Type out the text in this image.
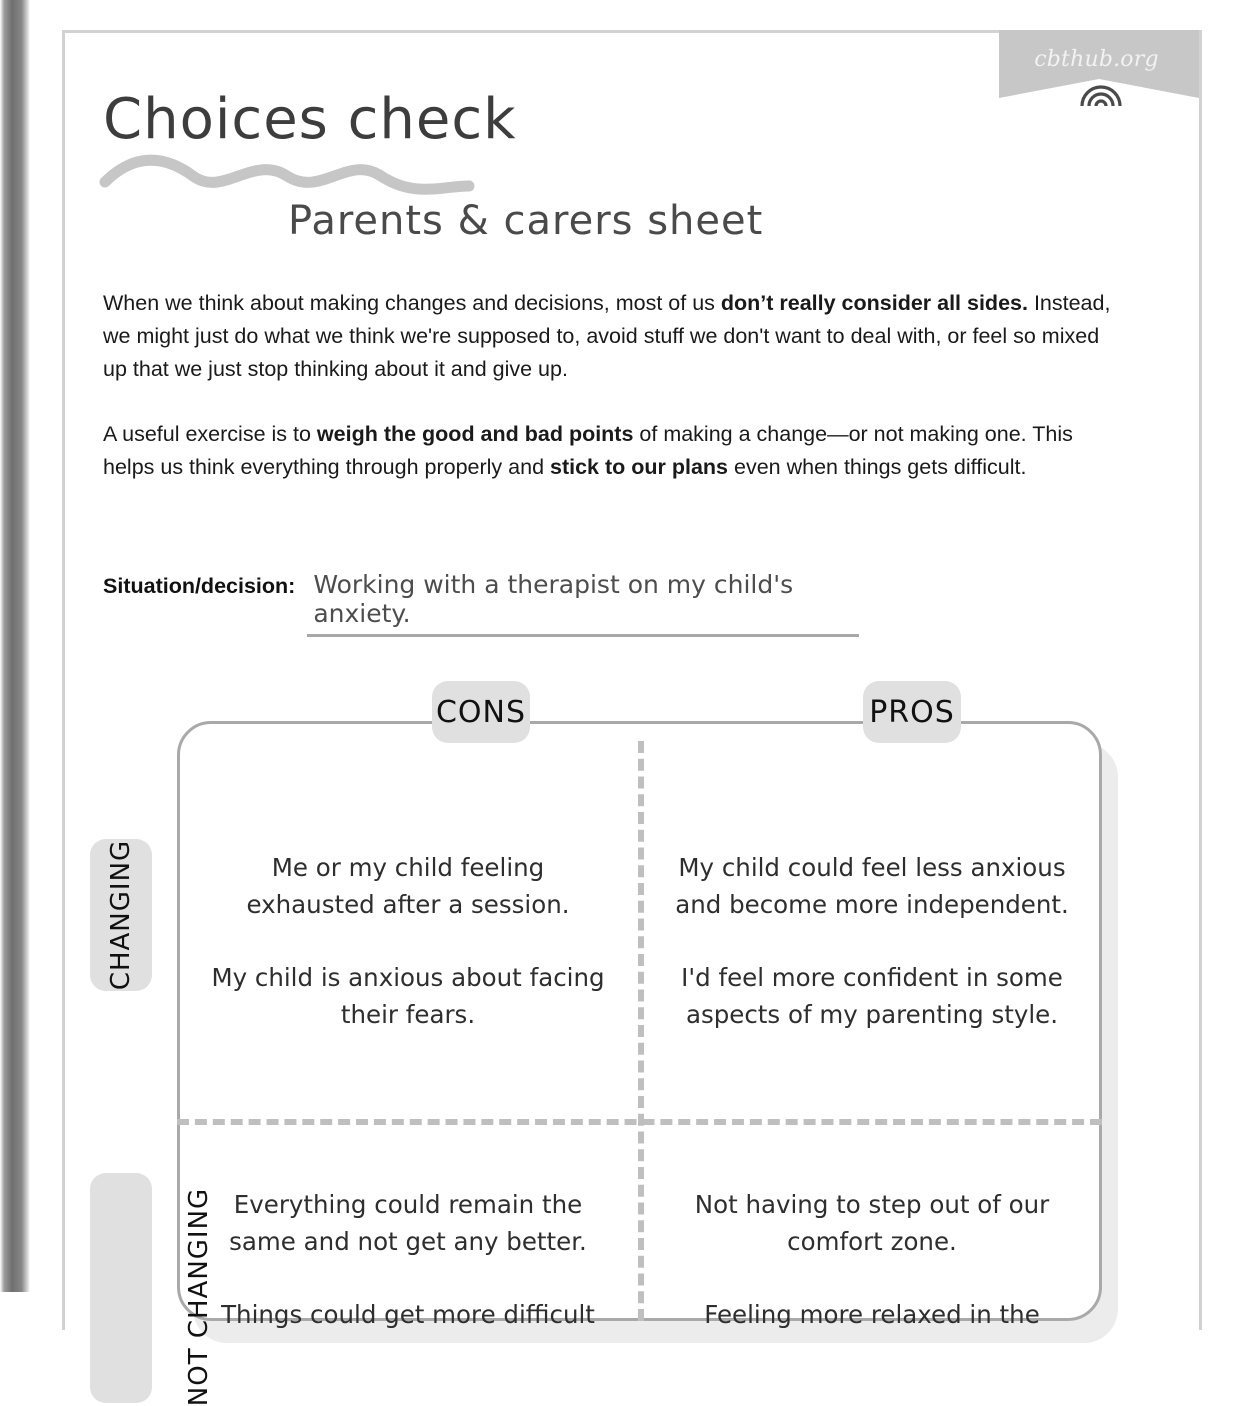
cbthub.org
Choices check
Parents & carers sheet

When we think about making changes and decisions, most of us don’t really consider all sides. Instead, we might just do what we think we're supposed to, avoid stuff we don't want to deal with, or feel so mixed up that we just stop thinking about it and give up.

A useful exercise is to weigh the good and bad points of making a change—or not making one. This helps us think everything through properly and stick to our plans even when things gets difficult.

Situation/decision: Working with a therapist on my child's anxiety.
CONS	PROS
CHANGING
NOT CHANGING

Me or my child feeling exhausted after a session.

My child is anxious about facing their fears.

My child could feel less anxious and become more independent.

I'd feel more confident in some aspects of my parenting style.

Everything could remain the same and not get any better.

Things could get more difficult

Not having to step out of our comfort zone.

Feeling more relaxed in the
